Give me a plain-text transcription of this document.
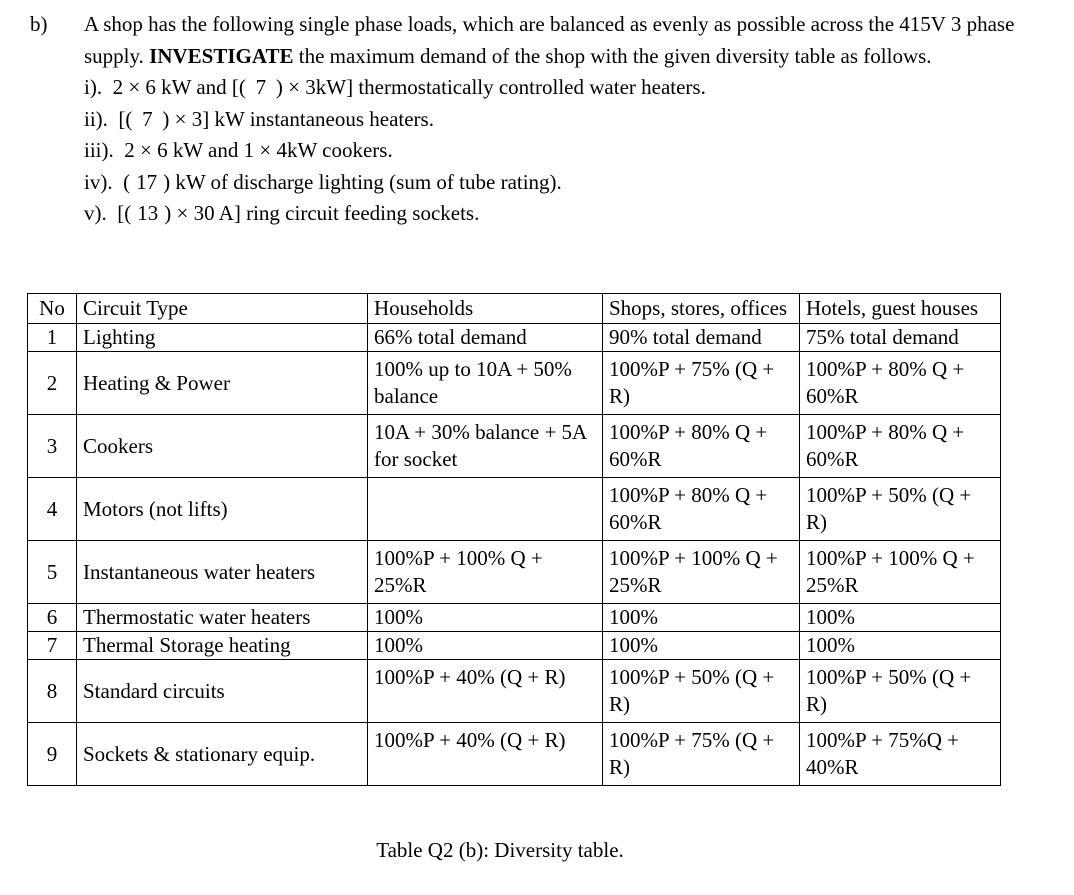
b) A shop has the following single phase loads, which are balanced as evenly as possible across the 415V 3 phase supply. INVESTIGATE the maximum demand of the shop with the given diversity table as follows.

i). 2 × 6 kW and [( 7 ) × 3kW] thermostatically controlled water heaters.
ii). [( 7 ) × 3] kW instantaneous heaters.
iii). 2 × 6 kW and 1 × 4kW cookers.
iv). ( 17 ) kW of discharge lighting (sum of tube rating).
v). [( 13 ) × 30 A] ring circuit feeding sockets.
No	Circuit Type	Households	Shops, stores, offices	Hotels, guest houses
1	Lighting	66% total demand	90% total demand	75% total demand
2	Heating & Power	100% up to 10A + 50% balance	100%P + 75% (Q + R)	100%P + 80% Q + 60%R
3	Cookers	10A + 30% balance + 5A for socket	100%P + 80% Q + 60%R	100%P + 80% Q + 60%R
4	Motors (not lifts)		100%P + 80% Q + 60%R	100%P + 50% (Q + R)
5	Instantaneous water heaters	100%P + 100% Q + 25%R	100%P + 100% Q + 25%R	100%P + 100% Q + 25%R
6	Thermostatic water heaters	100%	100%	100%
7	Thermal Storage heating	100%	100%	100%
8	Standard circuits	100%P + 40% (Q + R)	100%P + 50% (Q + R)	100%P + 50% (Q + R)
9	Sockets & stationary equip.	100%P + 40% (Q + R)	100%P + 75% (Q + R)	100%P + 75%Q + 40%R
Table Q2 (b): Diversity table.
